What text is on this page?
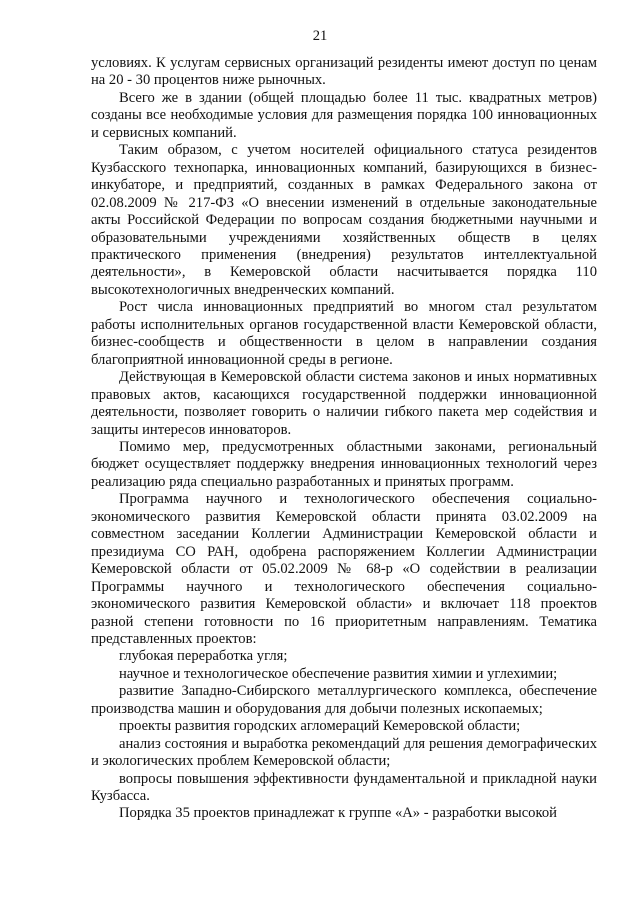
21

условиях. К услугам сервисных организаций резиденты имеют доступ по ценам на 20 - 30 процентов ниже рыночных.

Всего же в здании (общей площадью более 11 тыс. квадратных метров) созданы все необходимые условия для размещения порядка 100 инновационных и сервисных компаний.

Таким образом, с учетом носителей официального статуса резидентов Кузбасского технопарка, инновационных компаний, базирующихся в бизнес-инкубаторе, и предприятий, созданных в рамках Федерального закона от 02.08.2009 № 217-ФЗ «О внесении изменений в отдельные законодательные акты Российской Федерации по вопросам создания бюджетными научными и образовательными учреждениями хозяйственных обществ в целях практического применения (внедрения) результатов интеллектуальной деятельности», в Кемеровской области насчитывается порядка 110 высокотехнологичных внедренческих компаний.

Рост числа инновационных предприятий во многом стал результатом работы исполнительных органов государственной власти Кемеровской области, бизнес-сообществ и общественности в целом в направлении создания благоприятной инновационной среды в регионе.

Действующая в Кемеровской области система законов и иных нормативных правовых актов, касающихся государственной поддержки инновационной деятельности, позволяет говорить о наличии гибкого пакета мер содействия и защиты интересов инноваторов.

Помимо мер, предусмотренных областными законами, региональный бюджет осуществляет поддержку внедрения инновационных технологий через реализацию ряда специально разработанных и принятых программ.

Программа научного и технологического обеспечения социально-экономического развития Кемеровской области принята 03.02.2009 на совместном заседании Коллегии Администрации Кемеровской области и президиума СО РАН, одобрена распоряжением Коллегии Администрации Кемеровской области от 05.02.2009 № 68-р «О содействии в реализации Программы научного и технологического обеспечения социально-экономического развития Кемеровской области» и включает 118 проектов разной степени готовности по 16 приоритетным направлениям. Тематика представленных проектов:

глубокая переработка угля;

научное и технологическое обеспечение развития химии и углехимии;

развитие Западно-Сибирского металлургического комплекса, обеспечение производства машин и оборудования для добычи полезных ископаемых;

проекты развития городских агломераций Кемеровской области;

анализ состояния и выработка рекомендаций для решения демографических и экологических проблем Кемеровской области;

вопросы повышения эффективности фундаментальной и прикладной науки Кузбасса.

Порядка 35 проектов принадлежат к группе «А» - разработки высокой
